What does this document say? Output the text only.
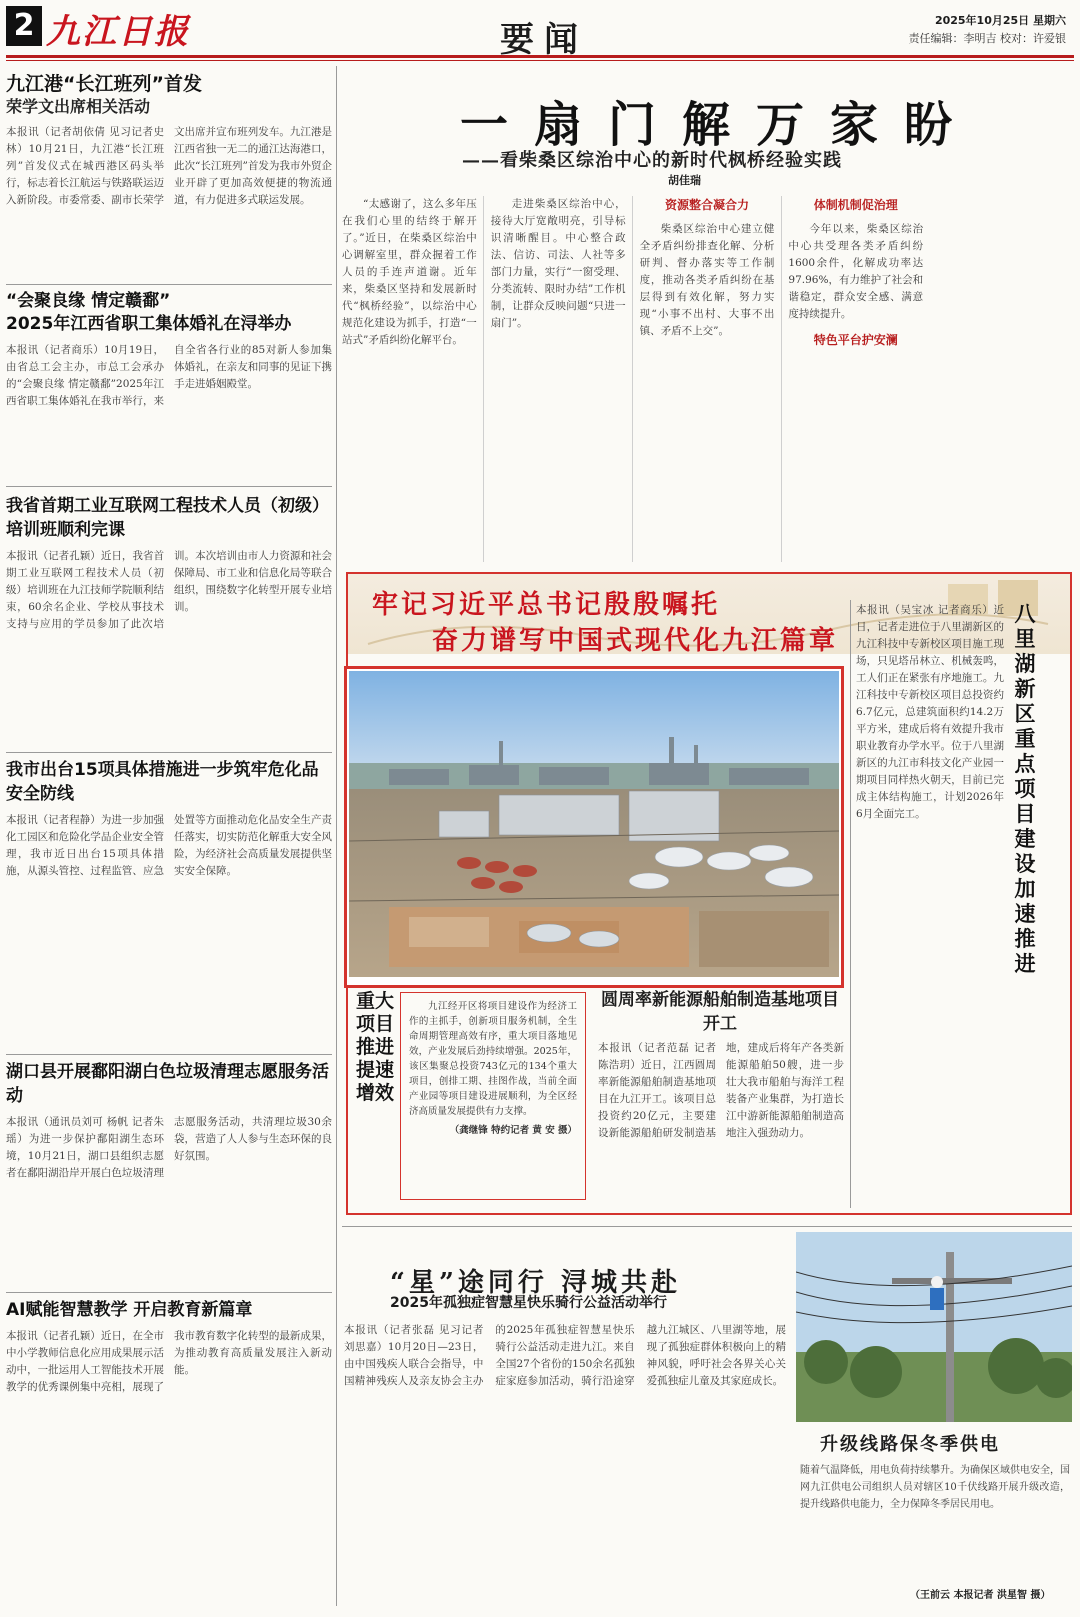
2 九江日报	要闻	2025年10月25日 星期六
责任编辑：李明吉 校对：许爱银
九江港“长江班列”首发
荣学文出席相关活动
本报讯（记者胡依倩 见习记者史林）10月21日，九江港“长江班列”首发仪式在城西港区码头举行，标志着长江航运与铁路联运迈入新阶段。市委常委、副市长荣学文出席并宣布班列发车。九江港是江西省独一无二的通江达海港口，此次“长江班列”首发为我市外贸企业开辟了更加高效便捷的物流通道，有力促进多式联运发展。
“会聚良缘 情定赣鄱”
2025年江西省职工集体婚礼在浔举办
本报讯（记者商乐）10月19日，由省总工会主办，市总工会承办的“会聚良缘 情定赣鄱”2025年江西省职工集体婚礼在我市举行，来自全省各行业的85对新人参加集体婚礼，在亲友和同事的见证下携手走进婚姻殿堂。
我省首期工业互联网工程技术人员（初级）培训班顺利完课
本报讯（记者孔颖）近日，我省首期工业互联网工程技术人员（初级）培训班在九江技师学院顺利结束，60余名企业、学校从事技术支持与应用的学员参加了此次培训。本次培训由市人力资源和社会保障局、市工业和信息化局等联合组织，围绕数字化转型开展专业培训。
我市出台15项具体措施进一步筑牢危化品安全防线
本报讯（记者程静）为进一步加强化工园区和危险化学品企业安全管理，我市近日出台15项具体措施，从源头管控、过程监管、应急处置等方面推动危化品安全生产责任落实，切实防范化解重大安全风险，为经济社会高质量发展提供坚实安全保障。
湖口县开展鄱阳湖白色垃圾清理志愿服务活动
本报讯（通讯员刘可 杨帆 记者朱瑶）为进一步保护鄱阳湖生态环境，10月21日，湖口县组织志愿者在鄱阳湖沿岸开展白色垃圾清理志愿服务活动，共清理垃圾30余袋，营造了人人参与生态环保的良好氛围。
AI赋能智慧教学 开启教育新篇章
本报讯（记者孔颖）近日，在全市中小学教师信息化应用成果展示活动中，一批运用人工智能技术开展教学的优秀课例集中亮相，展现了我市教育数字化转型的最新成果，为推动教育高质量发展注入新动能。
一扇门解万家盼
——看柴桑区综治中心的新时代枫桥经验实践
胡佳瑞

“太感谢了，这么多年压在我们心里的结终于解开了。”近日，在柴桑区综治中心调解室里，群众握着工作人员的手连声道谢。近年来，柴桑区坚持和发展新时代“枫桥经验”，以综治中心规范化建设为抓手，打造“一站式”矛盾纠纷化解平台。

走进柴桑区综治中心，接待大厅宽敞明亮，引导标识清晰醒目。中心整合政法、信访、司法、人社等多部门力量，实行“一窗受理、分类流转、限时办结”工作机制，让群众反映问题“只进一扇门”。

资源整合凝合力

柴桑区综治中心建立健全矛盾纠纷排查化解、分析研判、督办落实等工作制度，推动各类矛盾纠纷在基层得到有效化解，努力实现“小事不出村、大事不出镇、矛盾不上交”。

体制机制促治理

今年以来，柴桑区综治中心共受理各类矛盾纠纷1600余件，化解成功率达97.96%，有力维护了社会和谐稳定，群众安全感、满意度持续提升。

特色平台护安澜
牢记习近平总书记殷殷嘱托
奋力谱写中国式现代化九江篇章
重大项目推进提速增效
九江经开区将项目建设作为经济工作的主抓手，创新项目服务机制，全生命周期管理高效有序，重大项目落地见效，产业发展后劲持续增强。2025年，该区集聚总投资743亿元的134个重大项目，创排工期、挂图作战，当前全面产业园等项目建设进展顺利，为全区经济高质量发展提供有力支撑。
（龚继锋 特约记者 黄 安 摄）
圆周率新能源船舶制造基地项目开工
本报讯（记者范磊 记者陈浩玥）近日，江西圆周率新能源船舶制造基地项目在九江开工。该项目总投资约20亿元，主要建设新能源船舶研发制造基地，建成后将年产各类新能源船舶50艘，进一步壮大我市船舶与海洋工程装备产业集群，为打造长江中游新能源船舶制造高地注入强劲动力。
本报讯（吴宝冰 记者商乐）近日，记者走进位于八里湖新区的九江科技中专新校区项目施工现场，只见塔吊林立、机械轰鸣，工人们正在紧张有序地施工。九江科技中专新校区项目总投资约6.7亿元，总建筑面积约14.2万平方米，建成后将有效提升我市职业教育办学水平。位于八里湖新区的九江市科技文化产业园一期项目同样热火朝天，目前已完成主体结构施工，计划2026年6月全面完工。
八里湖新区重点项目建设加速推进
“星”途同行 浔城共赴
2025年孤独症智慧星快乐骑行公益活动举行
本报讯（记者张磊 见习记者刘思嘉）10月20日—23日，由中国残疾人联合会指导，中国精神残疾人及亲友协会主办的2025年孤独症智慧星快乐骑行公益活动走进九江。来自全国27个省份的150余名孤独症家庭参加活动，骑行沿途穿越九江城区、八里湖等地，展现了孤独症群体积极向上的精神风貌，呼吁社会各界关心关爱孤独症儿童及其家庭成长。
升级线路保冬季供电
随着气温降低，用电负荷持续攀升。为确保区域供电安全，国网九江供电公司组织人员对辖区10千伏线路开展升级改造，提升线路供电能力，全力保障冬季居民用电。
（王前云 本报记者 洪星智 摄）
